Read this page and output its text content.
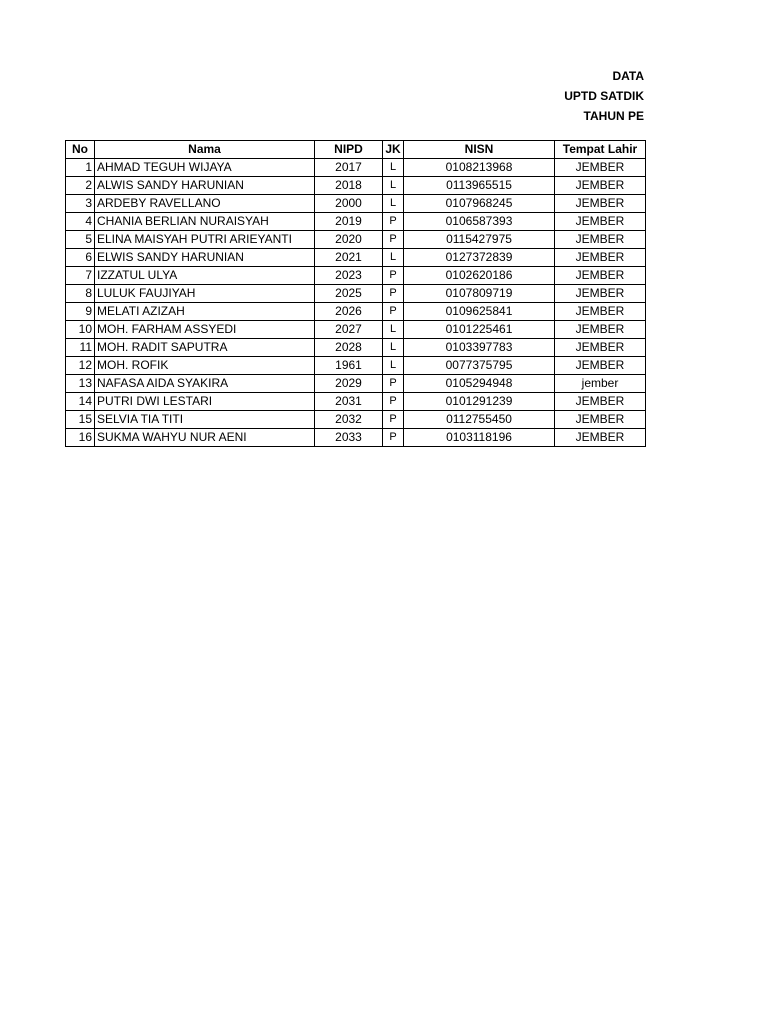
DATA
UPTD SATDIK
TAHUN PE
No	Nama	NIPD	JK	NISN	Tempat Lahir
1	AHMAD TEGUH WIJAYA	2017	L	0108213968	JEMBER
2	ALWIS SANDY HARUNIAN	2018	L	0113965515	JEMBER
3	ARDEBY RAVELLANO	2000	L	0107968245	JEMBER
4	CHANIA BERLIAN NURAISYAH	2019	P	0106587393	JEMBER
5	ELINA MAISYAH PUTRI ARIEYANTI	2020	P	0115427975	JEMBER
6	ELWIS SANDY HARUNIAN	2021	L	0127372839	JEMBER
7	IZZATUL ULYA	2023	P	0102620186	JEMBER
8	LULUK FAUJIYAH	2025	P	0107809719	JEMBER
9	MELATI AZIZAH	2026	P	0109625841	JEMBER
10	MOH. FARHAM ASSYEDI	2027	L	0101225461	JEMBER
11	MOH. RADIT SAPUTRA	2028	L	0103397783	JEMBER
12	MOH. ROFIK	1961	L	0077375795	JEMBER
13	NAFASA AIDA SYAKIRA	2029	P	0105294948	jember
14	PUTRI DWI LESTARI	2031	P	0101291239	JEMBER
15	SELVIA TIA TITI	2032	P	0112755450	JEMBER
16	SUKMA WAHYU NUR AENI	2033	P	0103118196	JEMBER
